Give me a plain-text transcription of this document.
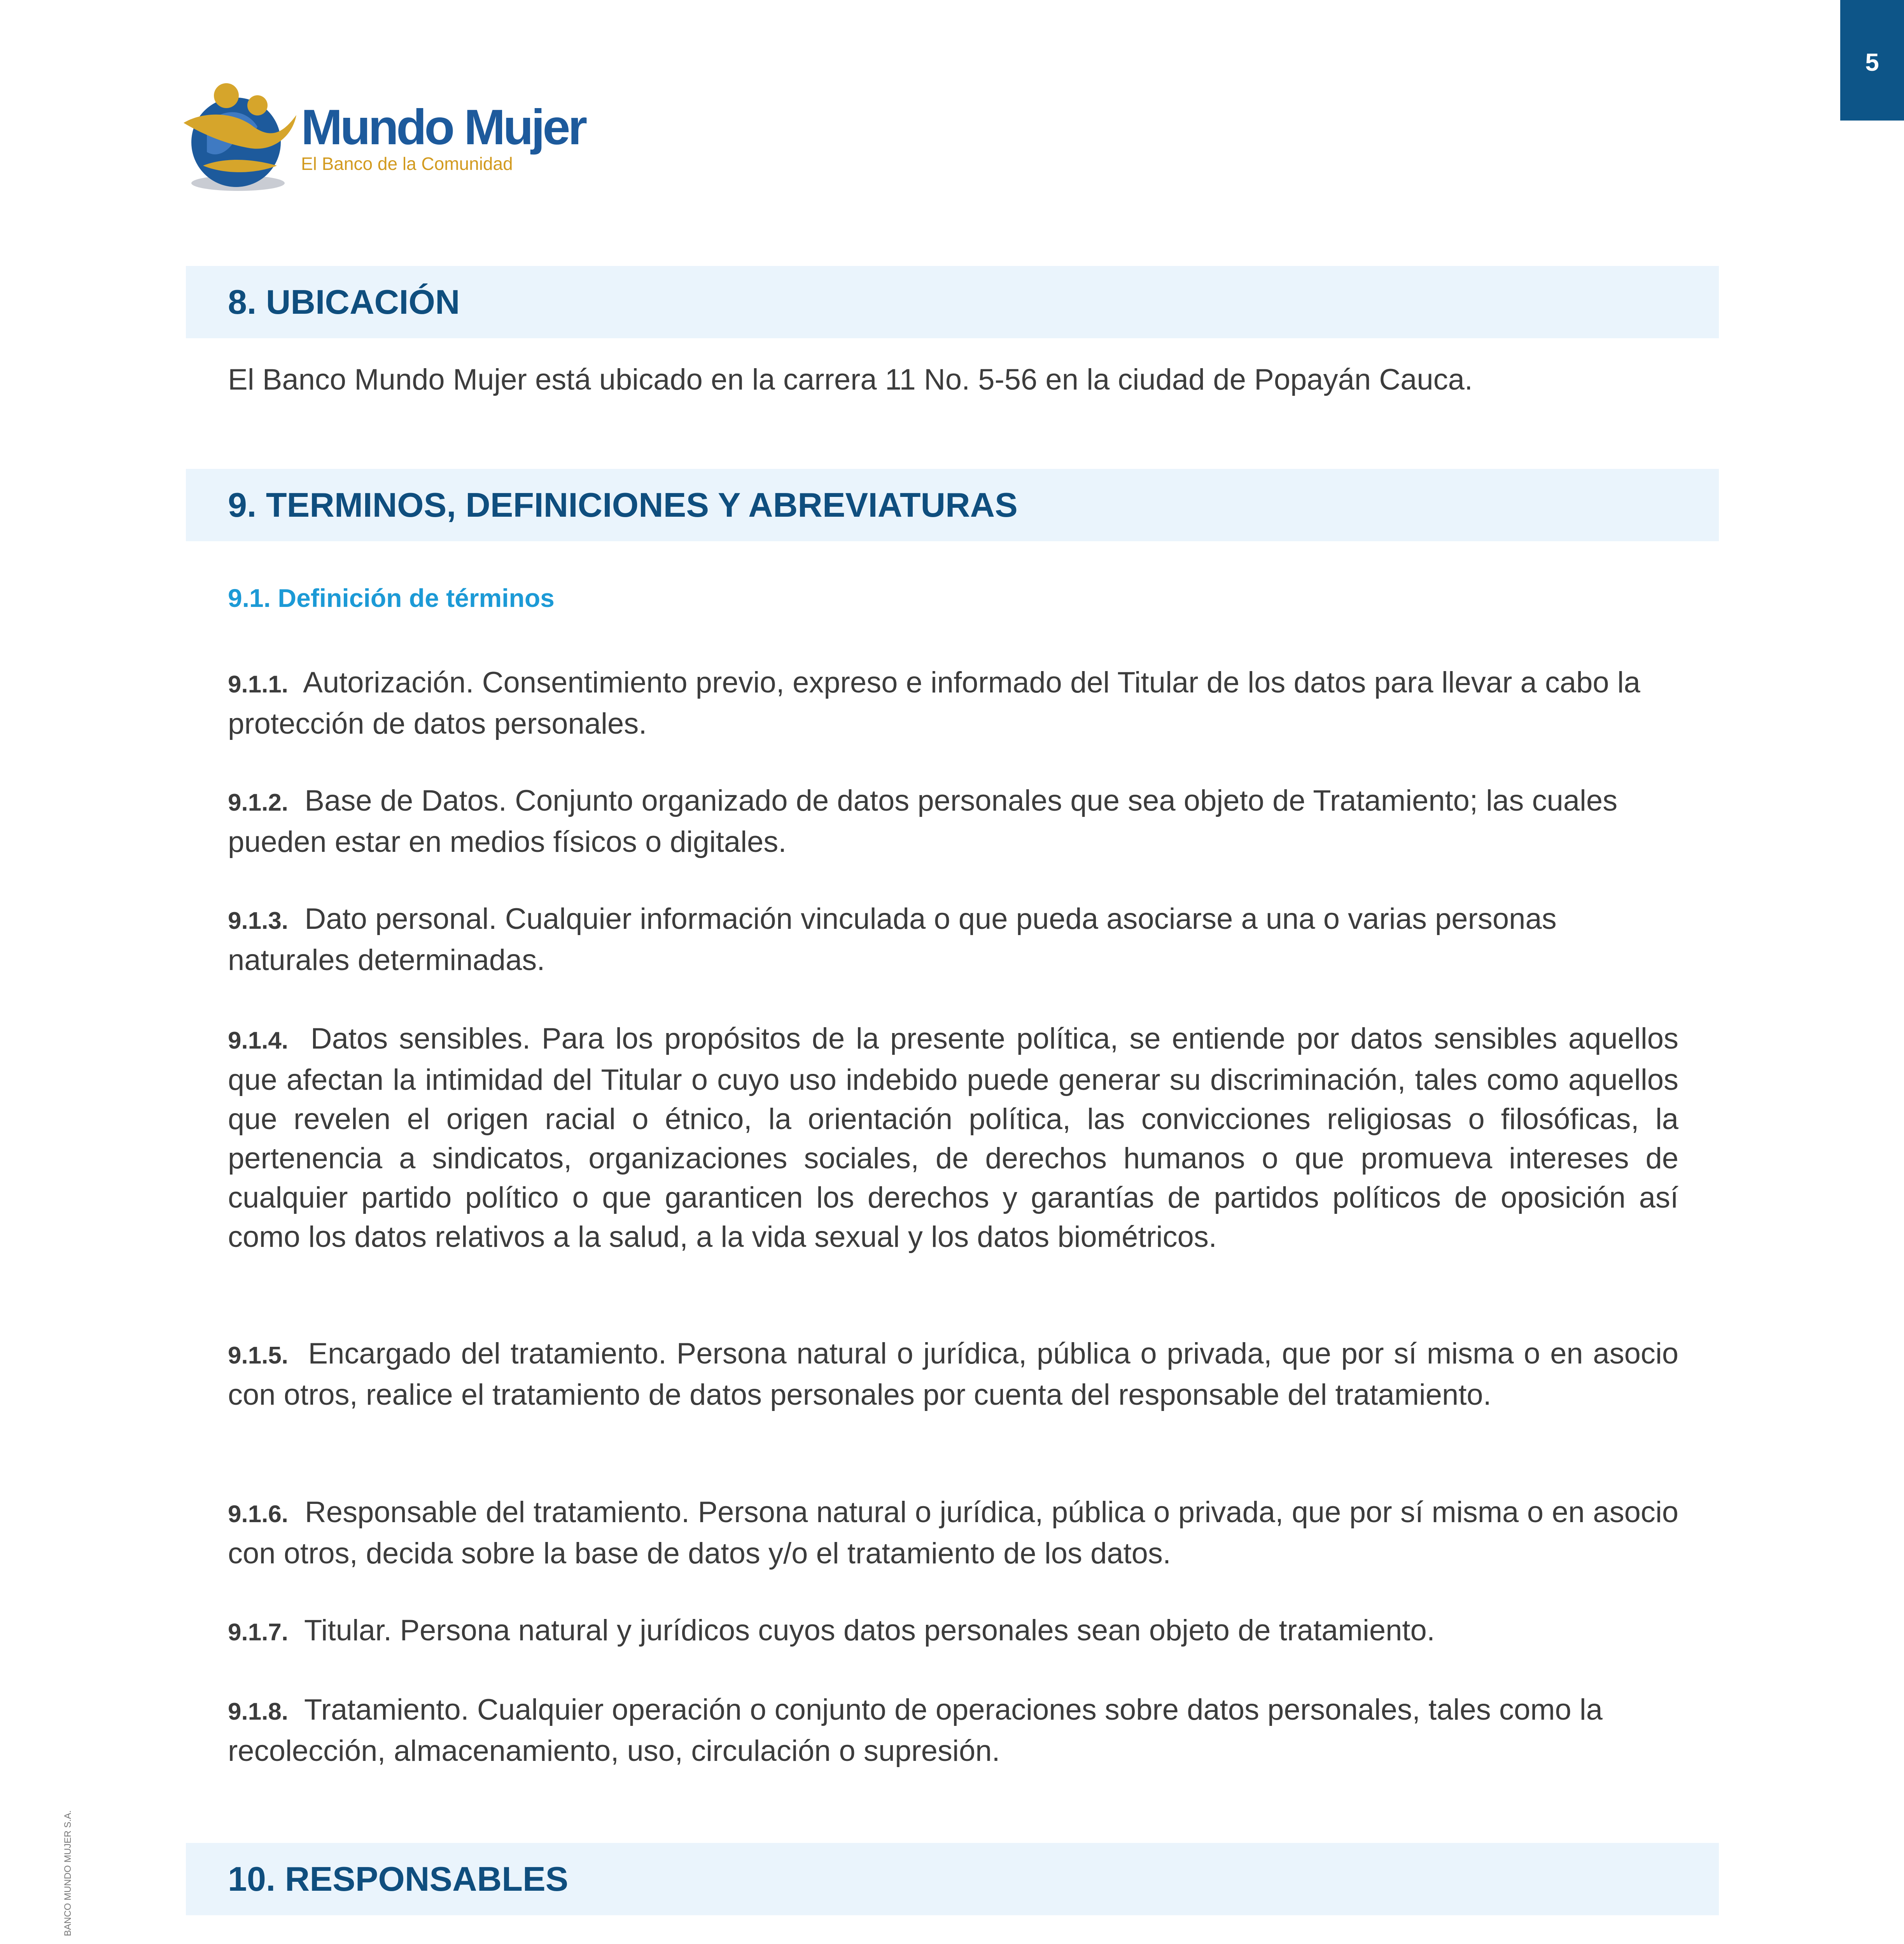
5
Mundo Mujer
El Banco de la Comunidad
8. UBICACIÓN

El Banco Mundo Mujer está ubicado en la carrera 11 No. 5-56 en la ciudad de Popayán Cauca.

9. TERMINOS, DEFINICIONES Y ABREVIATURAS
9.1. Definición de términos

9.1.1. Autorización. Consentimiento previo, expreso e informado del Titular de los datos para llevar a cabo la protección de datos personales.

9.1.2. Base de Datos. Conjunto organizado de datos personales que sea objeto de Tratamiento; las cuales pueden estar en medios físicos o digitales.

9.1.3. Dato personal. Cualquier información vinculada o que pueda asociarse a una o varias personas naturales determinadas.

9.1.4. Datos sensibles. Para los propósitos de la presente política, se entiende por datos sensibles aquellos que afectan la intimidad del Titular o cuyo uso indebido puede generar su discriminación, tales como aquellos que revelen el origen racial o étnico, la orientación política, las convicciones religiosas o filosóficas, la pertenencia a sindicatos, organizaciones sociales, de derechos humanos o que promueva intereses de cualquier partido político o que garanticen los derechos y garantías de partidos políticos de oposición así como los datos relativos a la salud, a la vida sexual y los datos biométricos.

9.1.5. Encargado del tratamiento. Persona natural o jurídica, pública o privada, que por sí misma o en asocio con otros, realice el tratamiento de datos personales por cuenta del responsable del tratamiento.

9.1.6. Responsable del tratamiento. Persona natural o jurídica, pública o privada, que por sí misma o en asocio con otros, decida sobre la base de datos y/o el tratamiento de los datos.

9.1.7. Titular. Persona natural y jurídicos cuyos datos personales sean objeto de tratamiento.

9.1.8. Tratamiento. Cualquier operación o conjunto de operaciones sobre datos personales, tales como la recolección, almacenamiento, uso, circulación o supresión.

10. RESPONSABLES

BANCO MUNDO MUJER S.A.
